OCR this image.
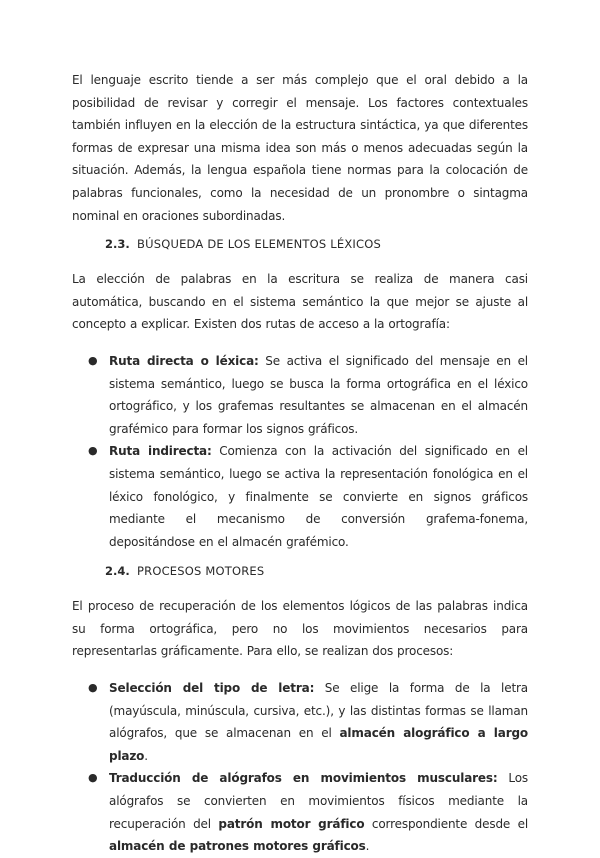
El lenguaje escrito tiende a ser más complejo que el oral debido a la posibilidad de revisar y corregir el mensaje. Los factores contextuales también influyen en la elección de la estructura sintáctica, ya que diferentes formas de expresar una misma idea son más o menos adecuadas según la situación. Además, la lengua española tiene normas para la colocación de palabras funcionales, como la necesidad de un pronombre o sintagma nominal en oraciones subordinadas.

2.3. BÚSQUEDA DE LOS ELEMENTOS LÉXICOS

La elección de palabras en la escritura se realiza de manera casi automática, buscando en el sistema semántico la que mejor se ajuste al concepto a explicar. Existen dos rutas de acceso a la ortografía:

● Ruta directa o léxica: Se activa el significado del mensaje en el sistema semántico, luego se busca la forma ortográfica en el léxico ortográfico, y los grafemas resultantes se almacenan en el almacén grafémico para formar los signos gráficos.
● Ruta indirecta: Comienza con la activación del significado en el sistema semántico, luego se activa la representación fonológica en el léxico fonológico, y finalmente se convierte en signos gráficos mediante el mecanismo de conversión grafema-fonema, depositándose en el almacén grafémico.
2.4. PROCESOS MOTORES

El proceso de recuperación de los elementos lógicos de las palabras indica su forma ortográfica, pero no los movimientos necesarios para representarlas gráficamente. Para ello, se realizan dos procesos:

● Selección del tipo de letra: Se elige la forma de la letra (mayúscula, minúscula, cursiva, etc.), y las distintas formas se llaman alógrafos, que se almacenan en el almacén alográfico a largo plazo.
● Traducción de alógrafos en movimientos musculares: Los alógrafos se convierten en movimientos físicos mediante la recuperación del patrón motor gráfico correspondiente desde el almacén de patrones motores gráficos.
